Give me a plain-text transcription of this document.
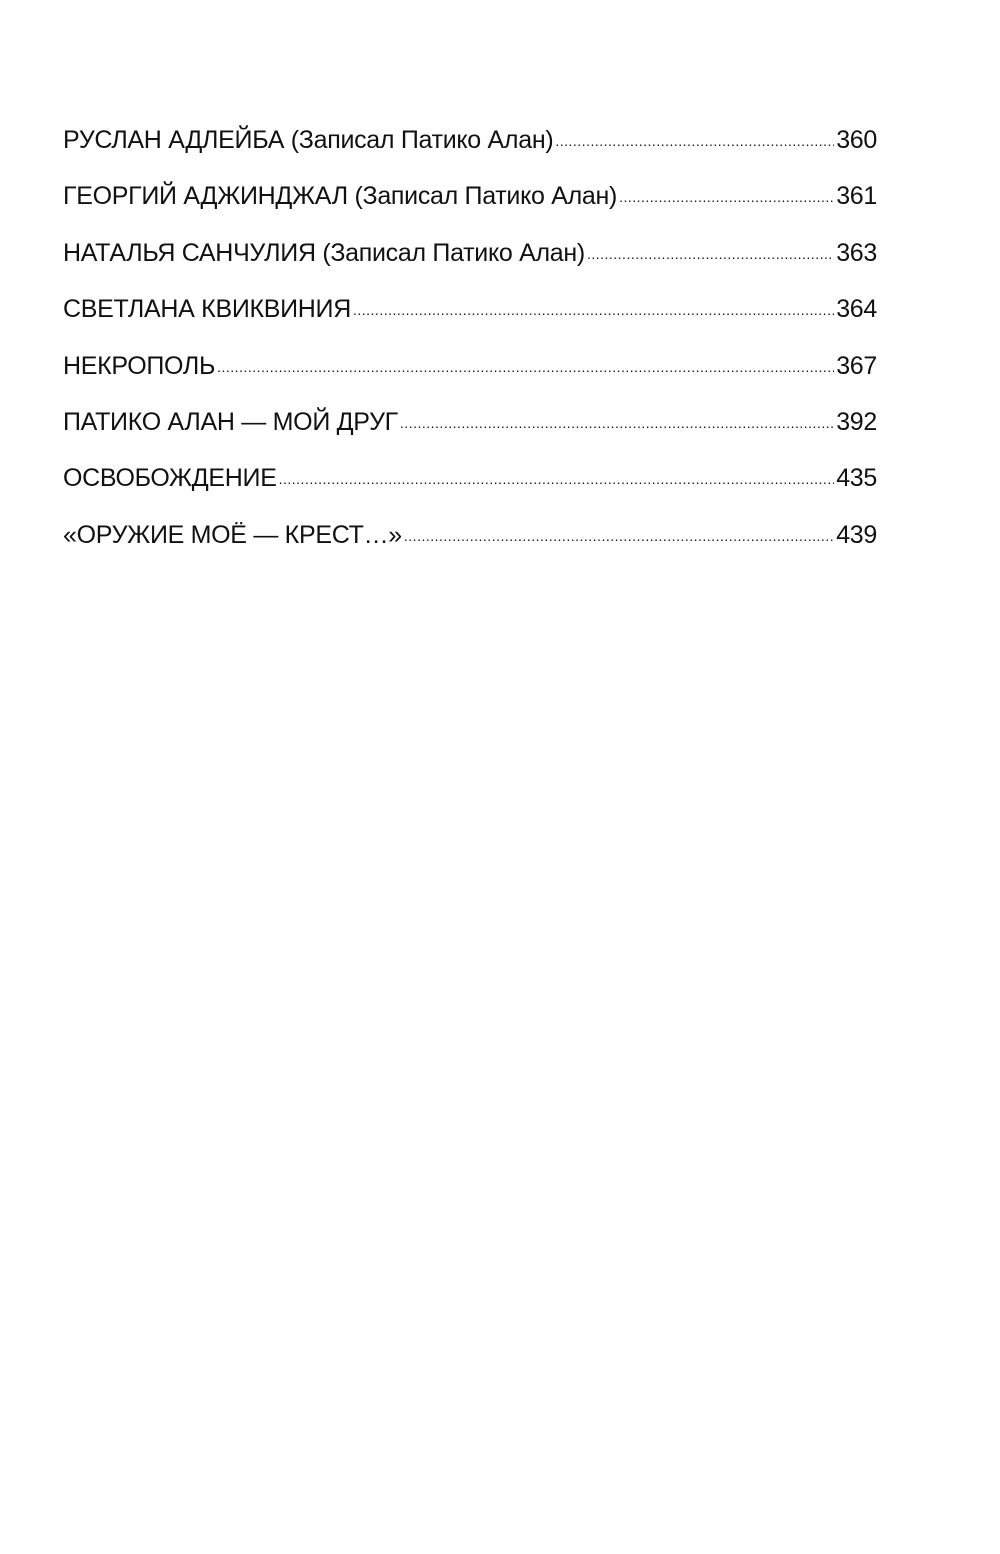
РУСЛАН АДЛЕЙБА (Записал Патико Алан) .....	360
ГЕОРГИЙ АДЖИНДЖАЛ (Записал Патико Алан) .....	361
НАТАЛЬЯ САНЧУЛИЯ (Записал Патико Алан) .....	363
СВЕТЛАНА КВИКВИНИЯ .....	364
НЕКРОПОЛЬ .....	367
ПАТИКО АЛАН — МОЙ ДРУГ .....	392
ОСВОБОЖДЕНИЕ .....	435
«ОРУЖИЕ МОЁ — КРЕСТ…» .....	439
